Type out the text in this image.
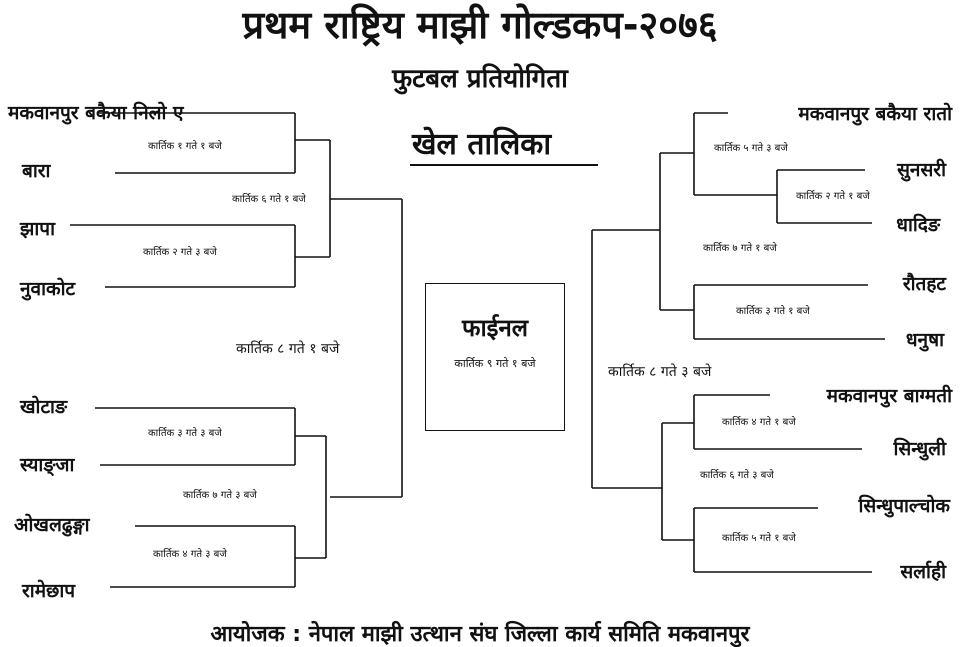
प्रथम राष्ट्रिय माझी गोल्डकप-२०७६
फुटबल प्रतियोगिता
खेल तालिका
मकवानपुर बकैया निलो ए
बारा
झापा
नुवाकोट
खोटाङ
स्याङ्जा
ओखलढुङ्गा
रामेछाप
कार्तिक १ गते १ बजे
कार्तिक २ गते ३ बजे
कार्तिक ३ गते ३ बजे
कार्तिक ४ गते ३ बजे
कार्तिक ६ गते १ बजे
कार्तिक ७ गते ३ बजे
कार्तिक ८ गते १ बजे
फाईनल
कार्तिक ९ गते १ बजे
मकवानपुर बकैया रातो
सुनसरी
धादिङ
रौतहट
धनुषा
मकवानपुर बाग्मती
सिन्धुली
सिन्धुपाल्चोक
सर्लाही
कार्तिक ५ गते ३ बजे
कार्तिक २ गते १ बजे
कार्तिक ७ गते १ बजे
कार्तिक ३ गते १ बजे
कार्तिक ८ गते ३ बजे
कार्तिक ४ गते १ बजे
कार्तिक ६ गते ३ बजे
कार्तिक ५ गते १ बजे
आयोजक : नेपाल माझी उत्थान संघ जिल्ला कार्य समिति मकवानपुर
